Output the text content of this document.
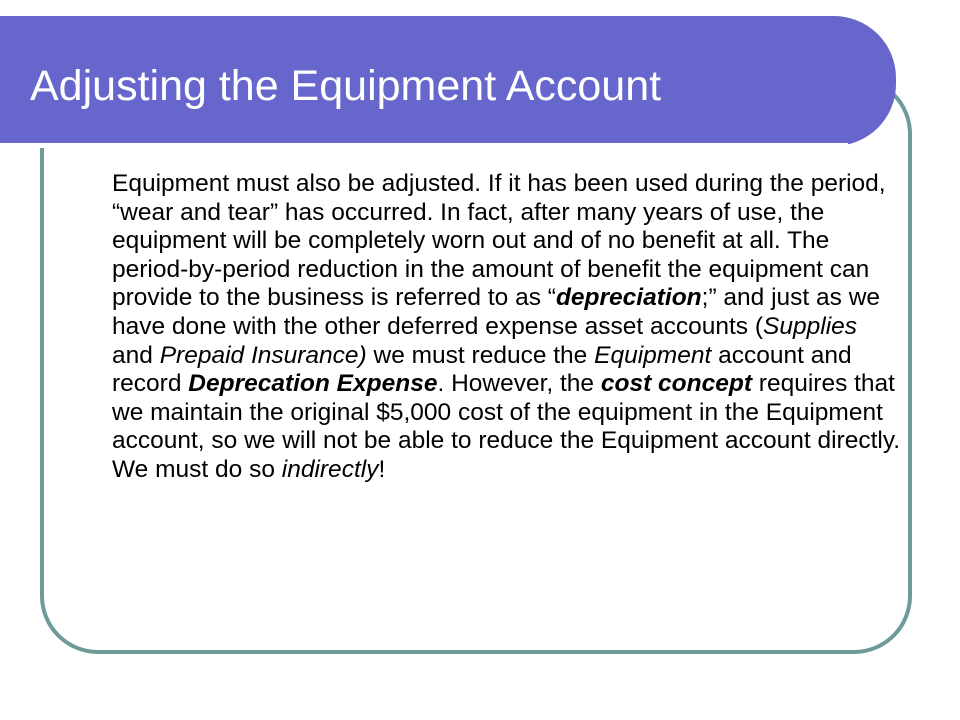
Adjusting the Equipment Account

Equipment must also be adjusted. If it has been used during the period, “wear and tear” has occurred. In fact, after many years of use, the equipment will be completely worn out and of no benefit at all. The period-by-period reduction in the amount of benefit the equipment can provide to the business is referred to as “depreciation;” and just as we have done with the other deferred expense asset accounts (Supplies and Prepaid Insurance) we must reduce the Equipment account and record Deprecation Expense. However, the cost concept requires that we maintain the original $5,000 cost of the equipment in the Equipment account, so we will not be able to reduce the Equipment account directly. We must do so indirectly!
